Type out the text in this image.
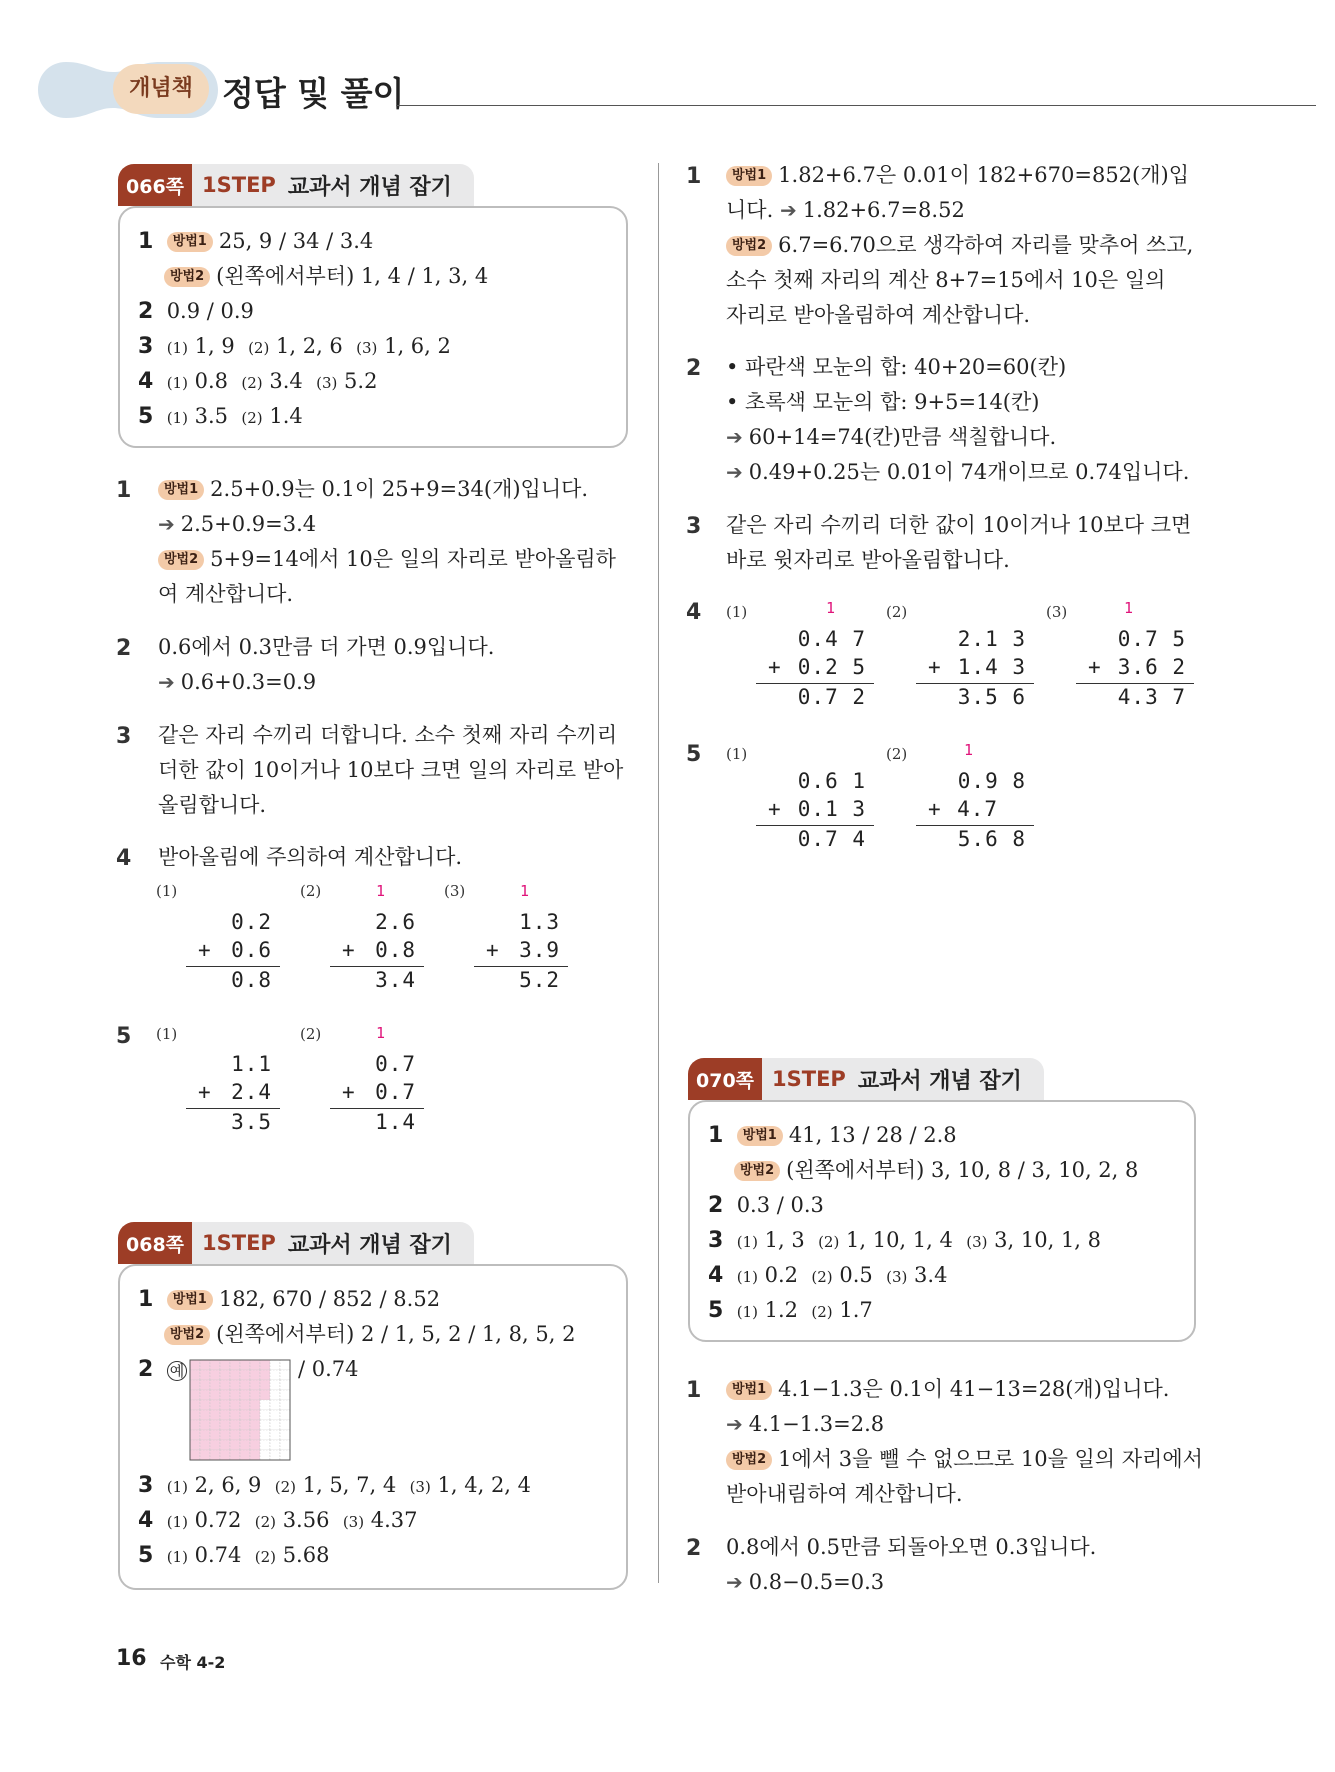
개념책 정답 및 풀이
066쪽 1STEP 교과서 개념 잡기
1 방법1 25, 9 / 34 / 3.4
방법2 (왼쪽에서부터) 1, 4 / 1, 3, 4
2 0.9 / 0.9
3 (1) 1, 9 (2) 1, 2, 6 (3) 1, 6, 2
4 (1) 0.8 (2) 3.4 (3) 5.2
5 (1) 3.5 (2) 1.4
1	방법1 2.5+0.9는 0.1이 25+9=34(개)입니다.
➔ 2.5+0.9=3.4
방법2 5+9=14에서 10은 일의 자리로 받아올림하
여 계산합니다.
2 0.6에서 0.3만큼 더 가면 0.9입니다.
➔ 0.6+0.3=0.9
3 같은 자리 수끼리 더합니다. 소수 첫째 자리 수끼리
더한 값이 10이거나 10보다 크면 일의 자리로 받아
올림합니다.
4 받아올림에 주의하여 계산합니다.
(1)	(2)	(3)
0.2
+ 0.6
0.8
1
2.6
+ 0.8
3.4
1
1.3
+ 3.9
5.2
5 (1)	(2)
1.1
+ 2.4
3.5
1
0.7
+ 0.7
1.4
068쪽 1STEP 교과서 개념 잡기
1 방법1 182, 670 / 852 / 8.52
방법2 (왼쪽에서부터) 2 / 1, 5, 2 / 1, 8, 5, 2
2 예	/ 0.74
3 (1) 2, 6, 9 (2) 1, 5, 7, 4 (3) 1, 4, 2, 4
4 (1) 0.72 (2) 3.56 (3) 4.37
5 (1) 0.74 (2) 5.68
1	방법1 1.82+6.7은 0.01이 182+670=852(개)입
니다. ➔ 1.82+6.7=8.52
방법2 6.7=6.70으로 생각하여 자리를 맞추어 쓰고,
소수 첫째 자리의 계산 8+7=15에서 10은 일의
자리로 받아올림하여 계산합니다.
2 • 파란색 모눈의 합: 40+20=60(칸)
• 초록색 모눈의 합: 9+5=14(칸)
➔ 60+14=74(칸)만큼 색칠합니다.
➔ 0.49+0.25는 0.01이 74개이므로 0.74입니다.
3 같은 자리 수끼리 더한 값이 10이거나 10보다 크면
바로 윗자리로 받아올림합니다.
4 (1)	(2)	(3)
1
0.4 7
+ 0.2 5
0.7 2
2.1 3
+ 1.4 3
3.5 6
1
0.7 5
+ 3.6 2
4.3 7
5 (1)	(2)
0.6 1
+ 0.1 3
0.7 4
1
0.9 8
+ 4.7
5.6 8
070쪽 1STEP 교과서 개념 잡기
1 방법1 41, 13 / 28 / 2.8
방법2 (왼쪽에서부터) 3, 10, 8 / 3, 10, 2, 8
2 0.3 / 0.3
3 (1) 1, 3 (2) 1, 10, 1, 4 (3) 3, 10, 1, 8
4 (1) 0.2 (2) 0.5 (3) 3.4
5 (1) 1.2 (2) 1.7
1	방법1 4.1−1.3은 0.1이 41−13=28(개)입니다.
➔ 4.1−1.3=2.8
방법2 1에서 3을 뺄 수 없으므로 10을 일의 자리에서
받아내림하여 계산합니다.
2 0.8에서 0.5만큼 되돌아오면 0.3입니다.
➔ 0.8−0.5=0.3
16 수학 4-2
